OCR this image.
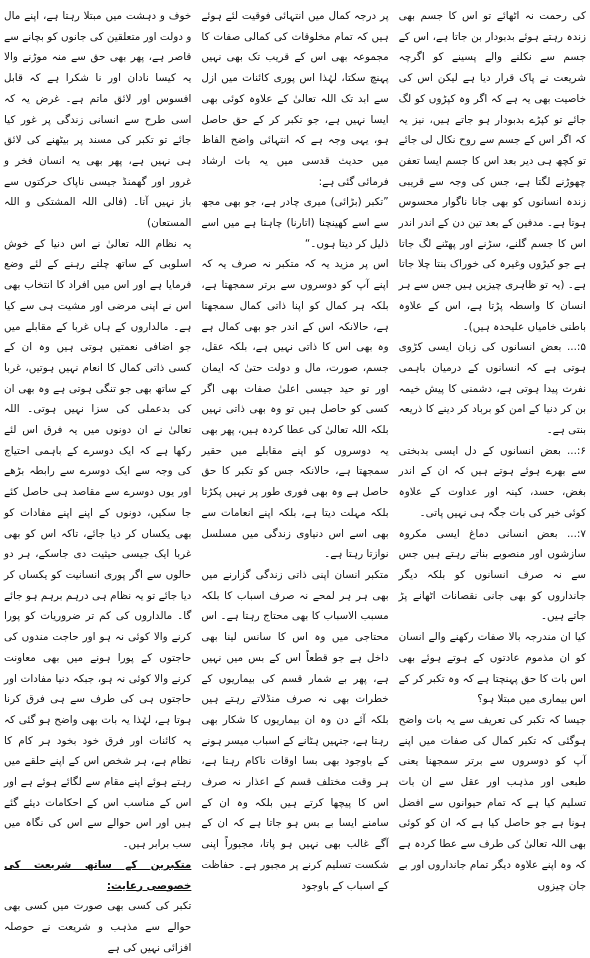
کی رحمت نہ اٹھائے تو اس کا جسم بھی زندہ رہتے ہوئے بدبودار بن جاتا ہے، اس کے جسم سے نکلنے والے پسینے کو اگرچہ شریعت نے پاک قرار دیا ہے لیکن اس کی خاصیت بھی یہ ہے کہ اگر وہ کپڑوں کو لگ جائے تو کپڑے بدبودار ہو جاتے ہیں، نیز یہ کہ اگر اس کے جسم سے روح نکال لی جائے تو کچھ ہی دیر بعد اس کا جسم ایسا تعفن چھوڑنے لگتا ہے، جس کی وجہ سے قریبی زندہ انسانوں کو بھی جانا ناگوار محسوس ہوتا ہے۔ مدفین کے بعد تین دن کے اندر اندر اس کا جسم گلنے، سڑنے اور پھٹنے لگ جاتا ہے جو کیڑوں وغیرہ کی خوراک بنتا چلا جاتا ہے۔ (یہ تو ظاہری چیزیں ہیں جس سے ہر انسان کا واسطہ پڑتا ہے، اس کے علاوہ باطنی خامیاں علیحدہ ہیں)۔

۵:... بعض انسانوں کی زبان ایسی کڑوی ہوتی ہے کہ انسانوں کے درمیان باہمی نفرت پیدا ہوتی ہے، دشمنی کا پیش خیمہ بن کر دنیا کے امن کو برباد کر دینے کا ذریعہ بنتی ہے۔

۶:... بعض انسانوں کے دل ایسی بدبختی سے بھرے ہوئے ہوتے ہیں کہ ان کے اندر بغض، حسد، کینہ اور عداوت کے علاوہ کوئی خیر کی بات جگہ ہی نہیں پاتی۔

۷:... بعض انسانی دماغ ایسی مکروہ سازشوں اور منصوبے بناتے رہتے ہیں جس سے نہ صرف انسانوں کو بلکہ دیگر جانداروں کو بھی جانی نقصانات اٹھانے پڑ جاتے ہیں۔

کیا ان مندرجہ بالا صفات رکھنے والے انسان کو ان مذموم عادتوں کے ہوتے ہوئے بھی اس بات کا حق پہنچتا ہے کہ وہ تکبر کر کے اس بیماری میں مبتلا ہو؟

جیسا کہ تکبر کی تعریف سے یہ بات واضح ہوگئی کہ تکبر کمال کی صفات میں اپنے آپ کو دوسروں سے برتر سمجھنا یعنی طبعی اور مذہب اور عقل سے ان بات تسلیم کیا ہے کہ تمام حیوانوں سے افضل ہونا ہے جو حاصل کیا ہے کہ ان کو کوئی بھی اللہ تعالیٰ کی طرف سے عطا کردہ ہے کہ وہ اپنے علاوہ دیگر تمام جانداروں اور بے جان چیزوں

پر درجہ کمال میں انتہائی فوقیت لئے ہوئے ہیں کہ تمام مخلوقات کی کمالی صفات کا مجموعہ بھی اس کے قریب تک بھی نہیں پہنچ سکتا، لہٰذا اس پوری کائنات میں ازل سے ابد تک اللہ تعالیٰ کے علاوہ کوئی بھی ایسا نہیں ہے، جو تکبر کر کے حق حاصل ہو، یہی وجہ ہے کہ انتہائی واضح الفاظ میں حدیث قدسی میں یہ بات ارشاد فرمائی گئی ہے:

”تکبر (بڑائی) میری چادر ہے، جو بھی مجھ سے اسے کھینچنا (اتارنا) چاہتا ہے میں اسے ذلیل کر دیتا ہوں۔“

اس پر مزید یہ کہ متکبر نہ صرف یہ کہ اپنے آپ کو دوسروں سے برتر سمجھتا ہے، بلکہ ہر کمال کو اپنا ذاتی کمال سمجھتا ہے، حالانکہ اس کے اندر جو بھی کمال ہے وہ بھی اس کا ذاتی نہیں ہے، بلکہ عقل، جسم، صورت، مال و دولت حتیٰ کہ ایمان اور تو حید جیسی اعلیٰ صفات بھی اگر کسی کو حاصل ہیں تو وہ بھی ذاتی نہیں بلکہ اللہ تعالیٰ کی عطا کردہ ہیں، پھر بھی یہ دوسروں کو اپنے مقابلے میں حقیر سمجھتا ہے، حالانکہ جس کو تکبر کا حق حاصل ہے وہ بھی فوری طور پر نہیں پکڑتا بلکہ مہلت دیتا ہے، بلکہ اپنے انعامات سے بھی اسے اس دنیاوی زندگی میں مسلسل نوازتا رہتا ہے۔

متکبر انسان اپنی ذاتی زندگی گزارنے میں بھی ہر ہر لمحے نہ صرف اسباب کا بلکہ مسبب الاسباب کا بھی محتاج رہتا ہے۔ اس محتاجی میں وہ اس کا سانس لینا بھی داخل ہے جو قطعاً اس کے بس میں نہیں ہے، پھر بے شمار قسم کی بیماریوں کے خطرات بھی نہ صرف منڈلاتے رہتے ہیں بلکہ آئے دن وہ ان بیماریوں کا شکار بھی رہتا ہے، جنہیں ہٹانے کے اسباب میسر ہونے کے باوجود بھی بسا اوقات ناکام رہتا ہے، ہر وقت مختلف قسم کے اعذار نہ صرف اس کا پیچھا کرتے ہیں بلکہ وہ ان کے سامنے ایسا بے بس ہو جاتا ہے کہ ان کے آگے غالب بھی نہیں ہو پاتا، مجبوراً اپنی شکست تسلیم کرنے پر مجبور ہے۔ حفاظت کے اسباب کے باوجود

خوف و دہشت میں مبتلا رہتا ہے، اپنے مال و دولت اور متعلقین کی جانوں کو بچانے سے قاصر ہے، پھر بھی حق سے منہ موڑنے والا یہ کیسا نادان اور نا شکرا ہے کہ قابل افسوس اور لائق ماتم ہے۔ غرض یہ کہ اسی طرح سے انسانی زندگی پر غور کیا جائے تو تکبر کی مسند پر بیٹھنے کی لائق ہی نہیں ہے، پھر بھی یہ انسان فخر و غرور اور گھمنڈ جیسی ناپاک حرکتوں سے باز نہیں آتا۔ (فالی اللہ المشتکی و اللہ المستعان)

یہ نظام اللہ تعالیٰ نے اس دنیا کے خوش اسلوبی کے ساتھ چلتے رہنے کے لئے وضع فرمایا ہے اور اس میں افراد کا انتخاب بھی اس نے اپنی مرضی اور مشیت ہی سے کیا ہے۔ مالداروں کے ہاں غربا کے مقابلے میں جو اضافی نعمتیں ہوتی ہیں وہ ان کے کسی ذاتی کمال کا انعام نہیں ہوتیں، غربا کے ساتھ بھی جو تنگی ہوتی ہے وہ بھی ان کی بدعملی کی سزا نہیں ہوتی۔ اللہ تعالیٰ نے ان دونوں میں یہ فرق اس لئے رکھا ہے کہ ایک دوسرے کے باہمی احتیاج کی وجہ سے ایک دوسرے سے رابطہ بڑھے اور یوں دوسرے سے مقاصد ہی حاصل کئے جا سکیں، دونوں کے اپنے اپنے مفادات کو بھی یکساں کر دیا جائے، تاکہ اس کو بھی غربا ایک جیسی حیثیت دی جاسکے، ہر دو حالوں سے اگر پوری انسانیت کو یکساں کر دیا جائے تو یہ نظام ہی درہم برہم ہو جائے گا۔ مالداروں کی کم تر ضروریات کو پورا کرنے والا کوئی نہ ہو اور حاجت مندوں کی حاجتوں کے پورا ہونے میں بھی معاونت کرنے والا کوئی نہ ہو، جبکہ دنیا مفادات اور حاجتوں ہی کی طرف سے ہی فرق کرنا ہوتا ہے، لہٰذا یہ بات بھی واضح ہو گئی کہ یہ کائنات اور فرق خود بخود ہر کام کا نظام ہے، ہر شخص اس کے اپنے حلقے میں رہتے ہوئے اپنے مقام سے لگائے ہوئے ہے اور اس کے مناسب اس کے احکامات دیئے گئے ہیں اور اس حوالے سے اس کی نگاہ میں سب برابر ہیں۔

متکبرین کے ساتھ شریعت کی خصوصی رعایت:

تکبر کی کسی بھی صورت میں کسی بھی حوالے سے مذہب و شریعت نے حوصلہ افزائی نہیں کی ہے
